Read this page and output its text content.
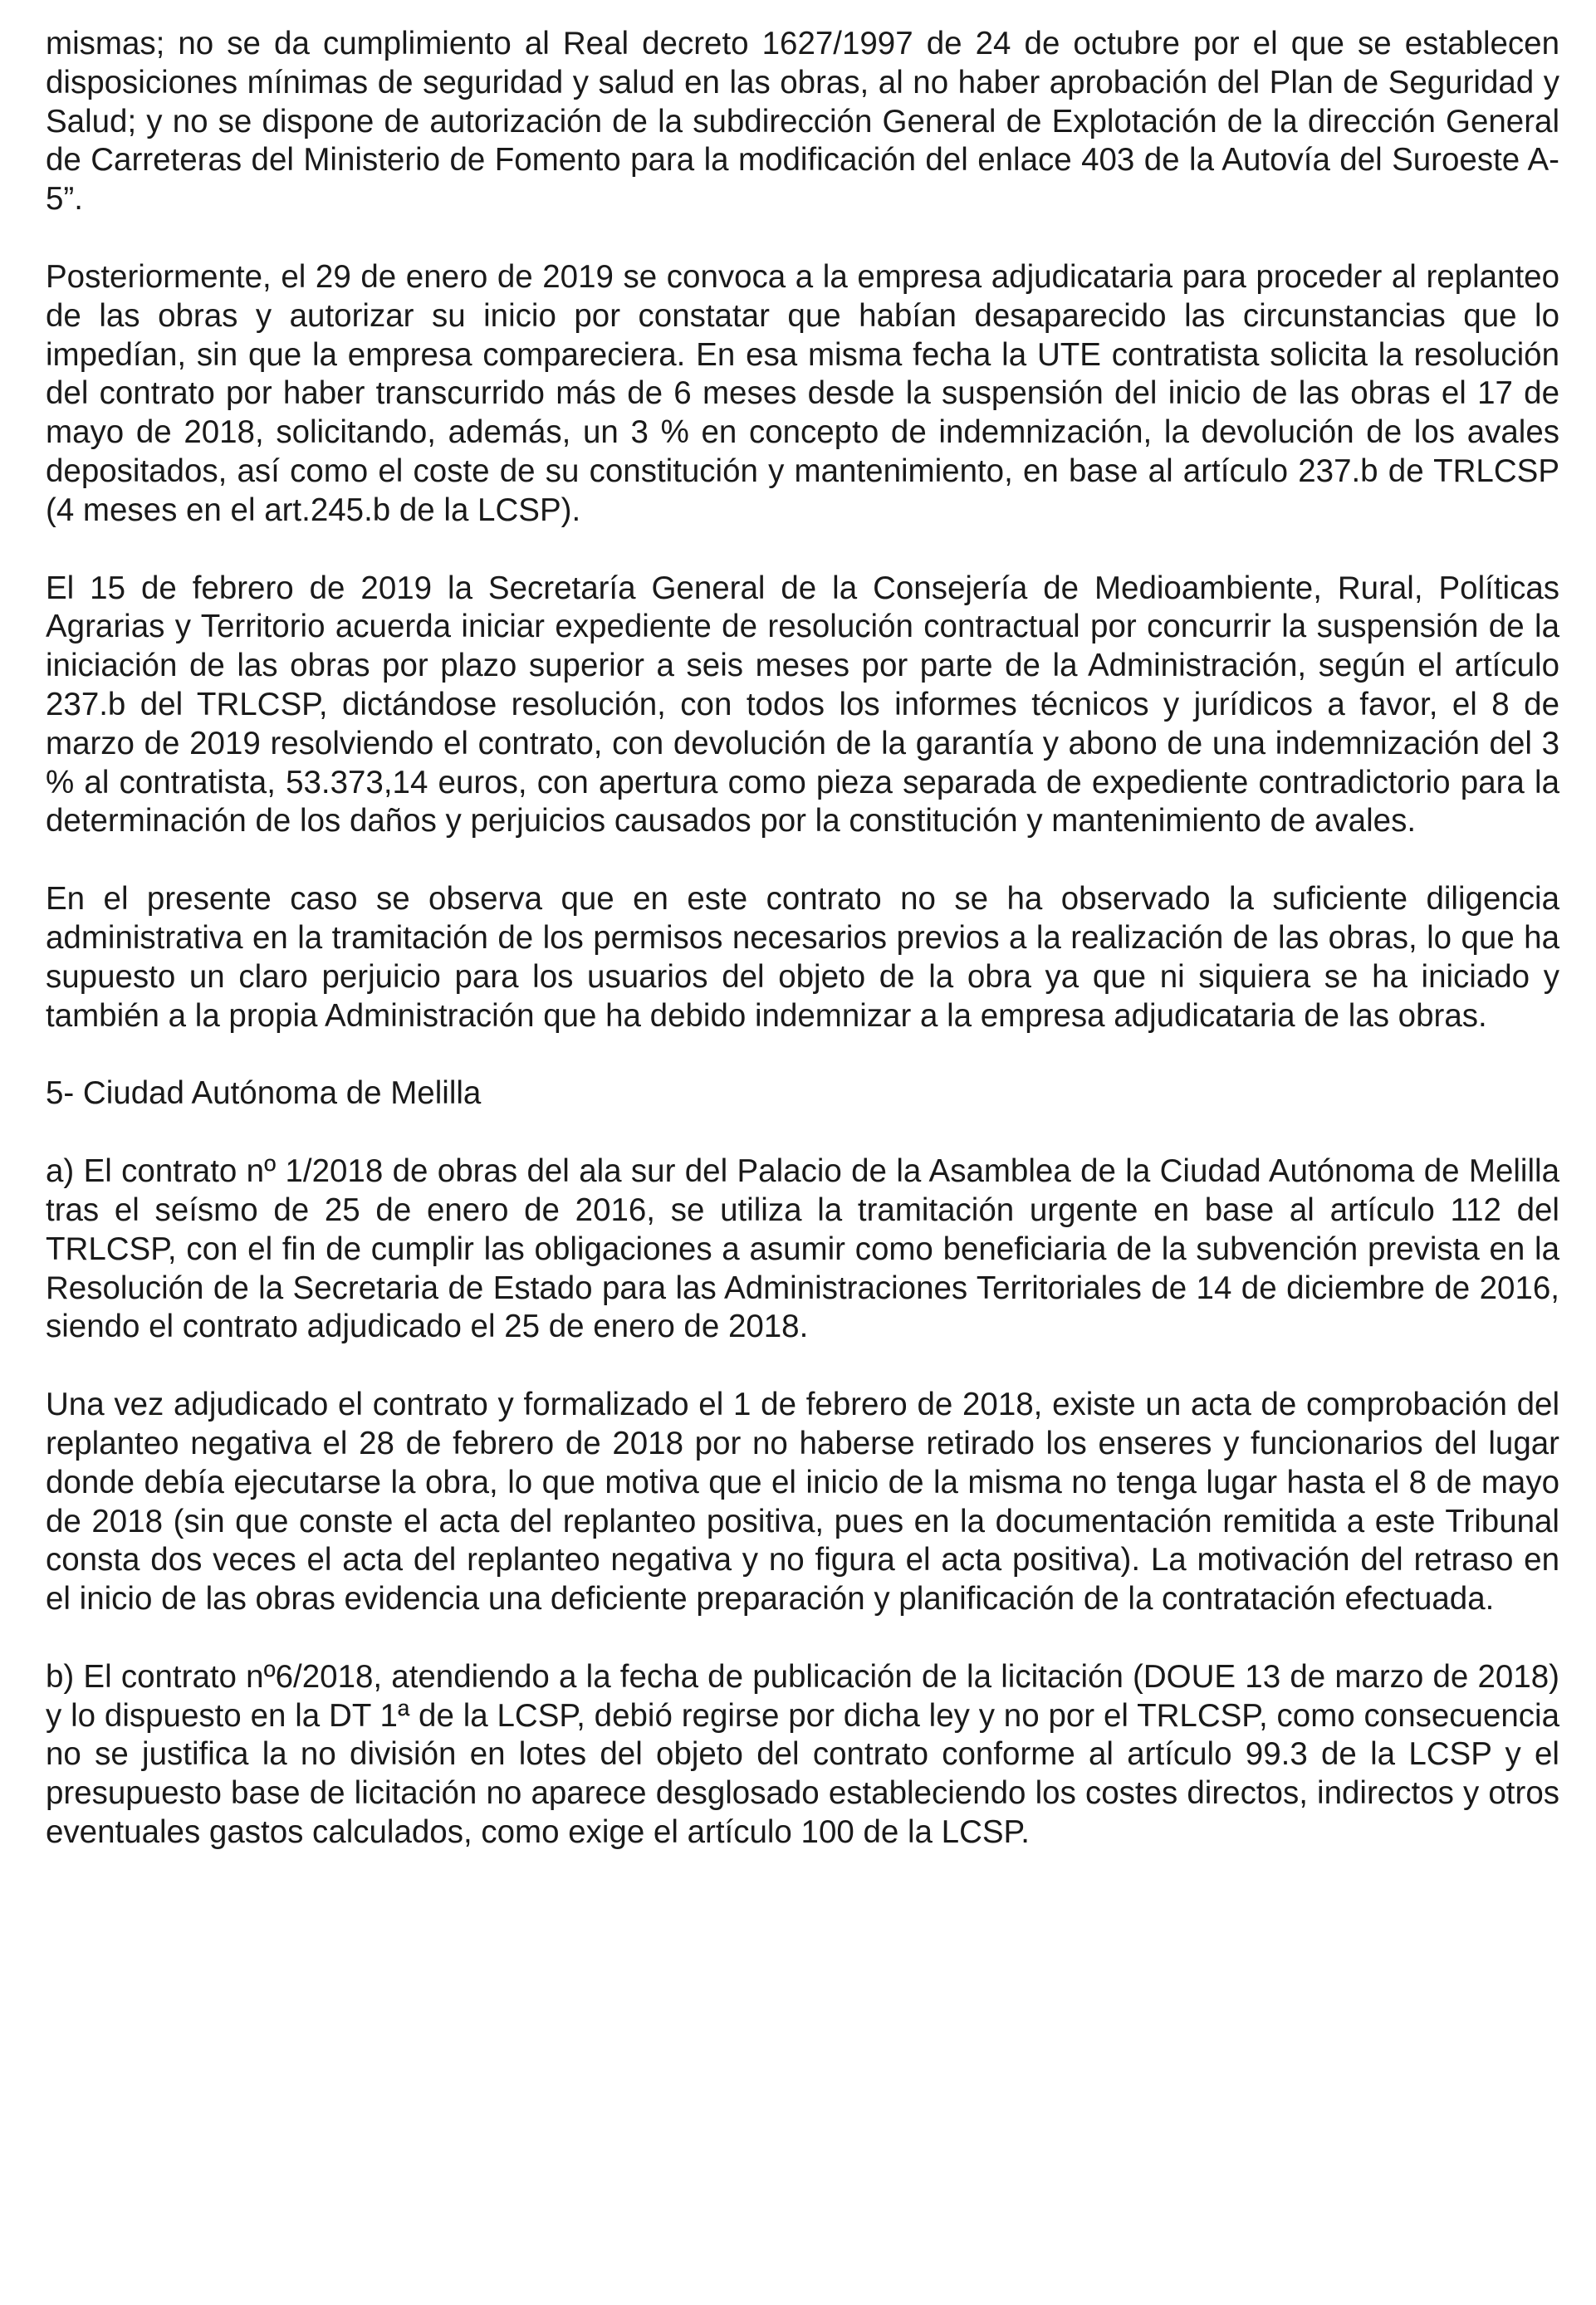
mismas; no se da cumplimiento al Real decreto 1627/1997 de 24 de octubre por el que se establecen disposiciones mínimas de seguridad y salud en las obras, al no haber aprobación del Plan de Seguridad y Salud; y no se dispone de autorización de la subdirección General de Explotación de la dirección General de Carreteras del Ministerio de Fomento para la modificación del enlace 403 de la Autovía del Suroeste A-5”.

Posteriormente, el 29 de enero de 2019 se convoca a la empresa adjudicataria para proceder al replanteo de las obras y autorizar su inicio por constatar que habían desaparecido las circunstancias que lo impedían, sin que la empresa compareciera. En esa misma fecha la UTE contratista solicita la resolución del contrato por haber transcurrido más de 6 meses desde la suspensión del inicio de las obras el 17 de mayo de 2018, solicitando, además, un 3 % en concepto de indemnización, la devolución de los avales depositados, así como el coste de su constitución y mantenimiento, en base al artículo 237.b de TRLCSP (4 meses en el art.245.b de la LCSP).

El 15 de febrero de 2019 la Secretaría General de la Consejería de Medioambiente, Rural, Políticas Agrarias y Territorio acuerda iniciar expediente de resolución contractual por concurrir la suspensión de la iniciación de las obras por plazo superior a seis meses por parte de la Administración, según el artículo 237.b del TRLCSP, dictándose resolución, con todos los informes técnicos y jurídicos a favor, el 8 de marzo de 2019 resolviendo el contrato, con devolución de la garantía y abono de una indemnización del 3 % al contratista, 53.373,14 euros, con apertura como pieza separada de expediente contradictorio para la determinación de los daños y perjuicios causados por la constitución y mantenimiento de avales.

En el presente caso se observa que en este contrato no se ha observado la suficiente diligencia administrativa en la tramitación de los permisos necesarios previos a la realización de las obras, lo que ha supuesto un claro perjuicio para los usuarios del objeto de la obra ya que ni siquiera se ha iniciado y también a la propia Administración que ha debido indemnizar a la empresa adjudicataria de las obras.

5- Ciudad Autónoma de Melilla

a) El contrato nº 1/2018 de obras del ala sur del Palacio de la Asamblea de la Ciudad Autónoma de Melilla tras el seísmo de 25 de enero de 2016, se utiliza la tramitación urgente en base al artículo 112 del TRLCSP, con el fin de cumplir las obligaciones a asumir como beneficiaria de la subvención prevista en la Resolución de la Secretaria de Estado para las Administraciones Territoriales de 14 de diciembre de 2016, siendo el contrato adjudicado el 25 de enero de 2018.

Una vez adjudicado el contrato y formalizado el 1 de febrero de 2018, existe un acta de comprobación del replanteo negativa el 28 de febrero de 2018 por no haberse retirado los enseres y funcionarios del lugar donde debía ejecutarse la obra, lo que motiva que el inicio de la misma no tenga lugar hasta el 8 de mayo de 2018 (sin que conste el acta del replanteo positiva, pues en la documentación remitida a este Tribunal consta dos veces el acta del replanteo negativa y no figura el acta positiva). La motivación del retraso en el inicio de las obras evidencia una deficiente preparación y planificación de la contratación efectuada.

b) El contrato nº6/2018, atendiendo a la fecha de publicación de la licitación (DOUE 13 de marzo de 2018) y lo dispuesto en la DT 1ª de la LCSP, debió regirse por dicha ley y no por el TRLCSP, como consecuencia no se justifica la no división en lotes del objeto del contrato conforme al artículo 99.3 de la LCSP y el presupuesto base de licitación no aparece desglosado estableciendo los costes directos, indirectos y otros eventuales gastos calculados, como exige el artículo 100 de la LCSP.
